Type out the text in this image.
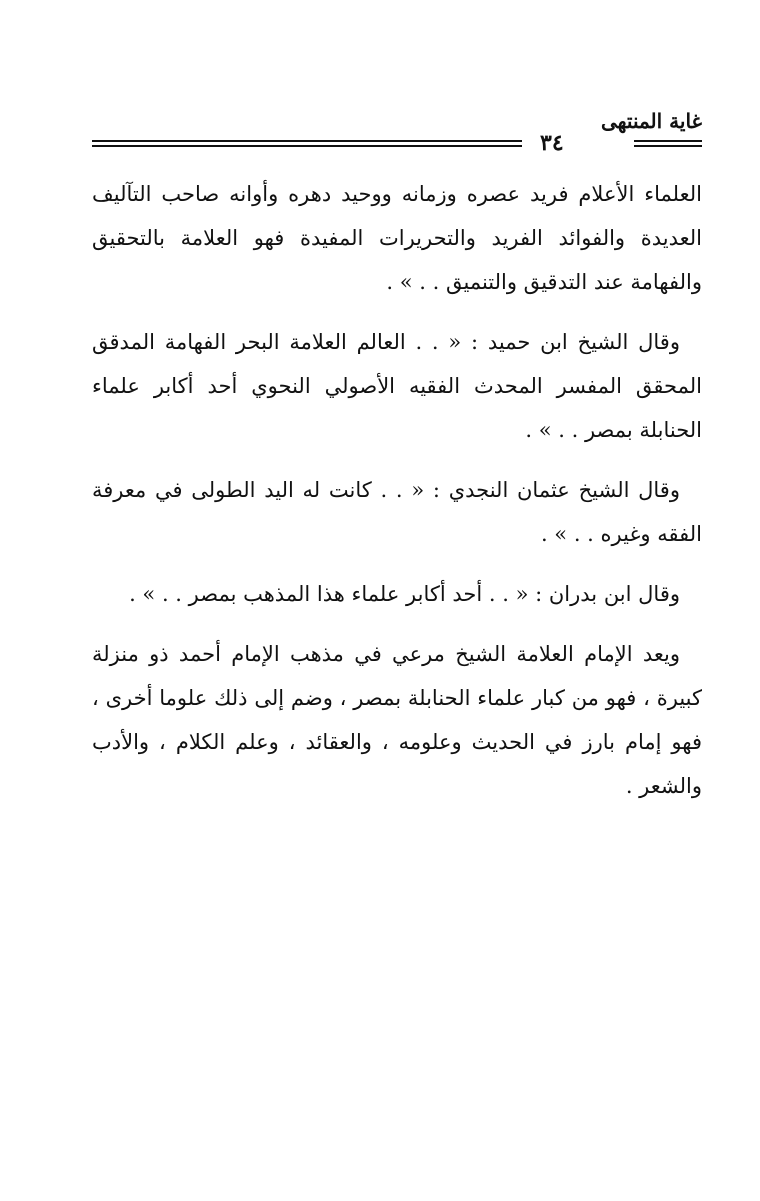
غاية المنتهى
٣٤

العلماء الأعلام فريد عصره وزمانه ووحيد دهره وأوانه صاحب التآليف العديدة والفوائد الفريد والتحريرات المفيدة فهو العلامة بالتحقيق والفهامة عند التدقيق والتنميق . . » .

وقال الشيخ ابن حميد : « . . العالم العلامة البحر الفهامة المدقق المحقق المفسر المحدث الفقيه الأصولي النحوي أحد أكابر علماء الحنابلة بمصر . . » .

وقال الشيخ عثمان النجدي : « . . كانت له اليد الطولى في معرفة الفقه وغيره . . » .

وقال ابن بدران : « . . أحد أكابر علماء هذا المذهب بمصر . . » .

ويعد الإمام العلامة الشيخ مرعي في مذهب الإمام أحمد ذو منزلة كبيرة ، فهو من كبار علماء الحنابلة بمصر ، وضم إلى ذلك علوما أخرى ، فهو إمام بارز في الحديث وعلومه ، والعقائد ، وعلم الكلام ، والأدب والشعر .
